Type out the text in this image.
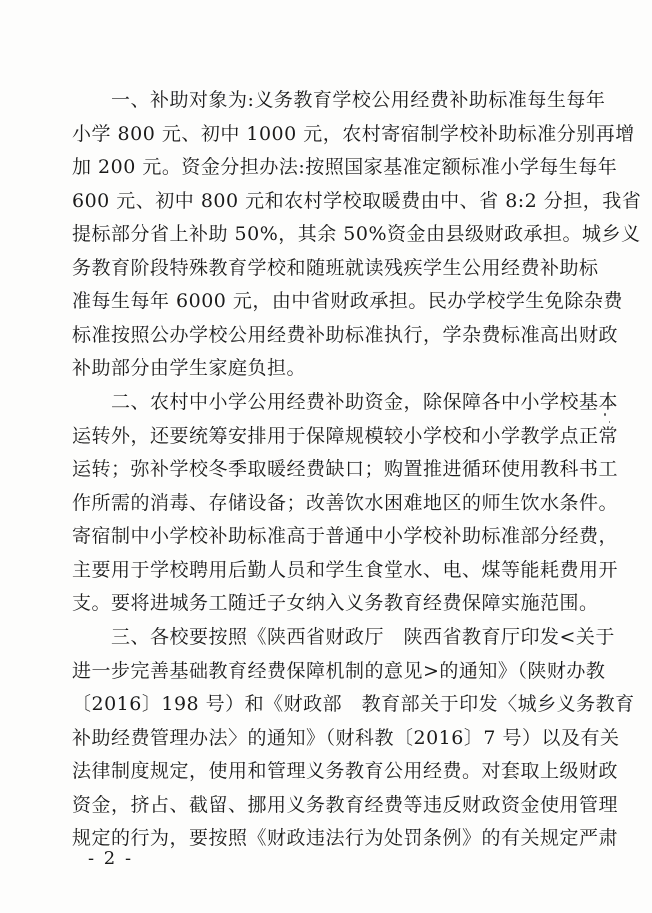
　　一、补助对象为:义务教育学校公用经费补助标准每生每年
小学 800 元、初中 1000 元，农村寄宿制学校补助标准分别再增
加 200 元。资金分担办法:按照国家基准定额标准小学每生每年
600 元、初中 800 元和农村学校取暖费由中、省 8:2 分担，我省
提标部分省上补助 50%，其余 50%资金由县级财政承担。城乡义
务教育阶段特殊教育学校和随班就读残疾学生公用经费补助标
准每生每年 6000 元，由中省财政承担。民办学校学生免除杂费
标准按照公办学校公用经费补助标准执行，学杂费标准高出财政
补助部分由学生家庭负担。
　　二、农村中小学公用经费补助资金，除保障各中小学校基本
运转外，还要统筹安排用于保障规模较小学校和小学教学点正常
运转；弥补学校冬季取暖经费缺口；购置推进循环使用教科书工
作所需的消毒、存储设备；改善饮水困难地区的师生饮水条件。
寄宿制中小学校补助标准高于普通中小学校补助标准部分经费，
主要用于学校聘用后勤人员和学生食堂水、电、煤等能耗费用开
支。要将进城务工随迁子女纳入义务教育经费保障实施范围。
　　三、各校要按照《陕西省财政厅　陕西省教育厅印发<关于
进一步完善基础教育经费保障机制的意见>的通知》（陕财办教
〔2016〕198 号）和《财政部　教育部关于印发〈城乡义务教育
补助经费管理办法〉的通知》（财科教〔2016〕7 号）以及有关
法律制度规定，使用和管理义务教育公用经费。对套取上级财政
资金，挤占、截留、挪用义务教育经费等违反财政资金使用管理
规定的行为，要按照《财政违法行为处罚条例》的有关规定严肃
- 2 -
